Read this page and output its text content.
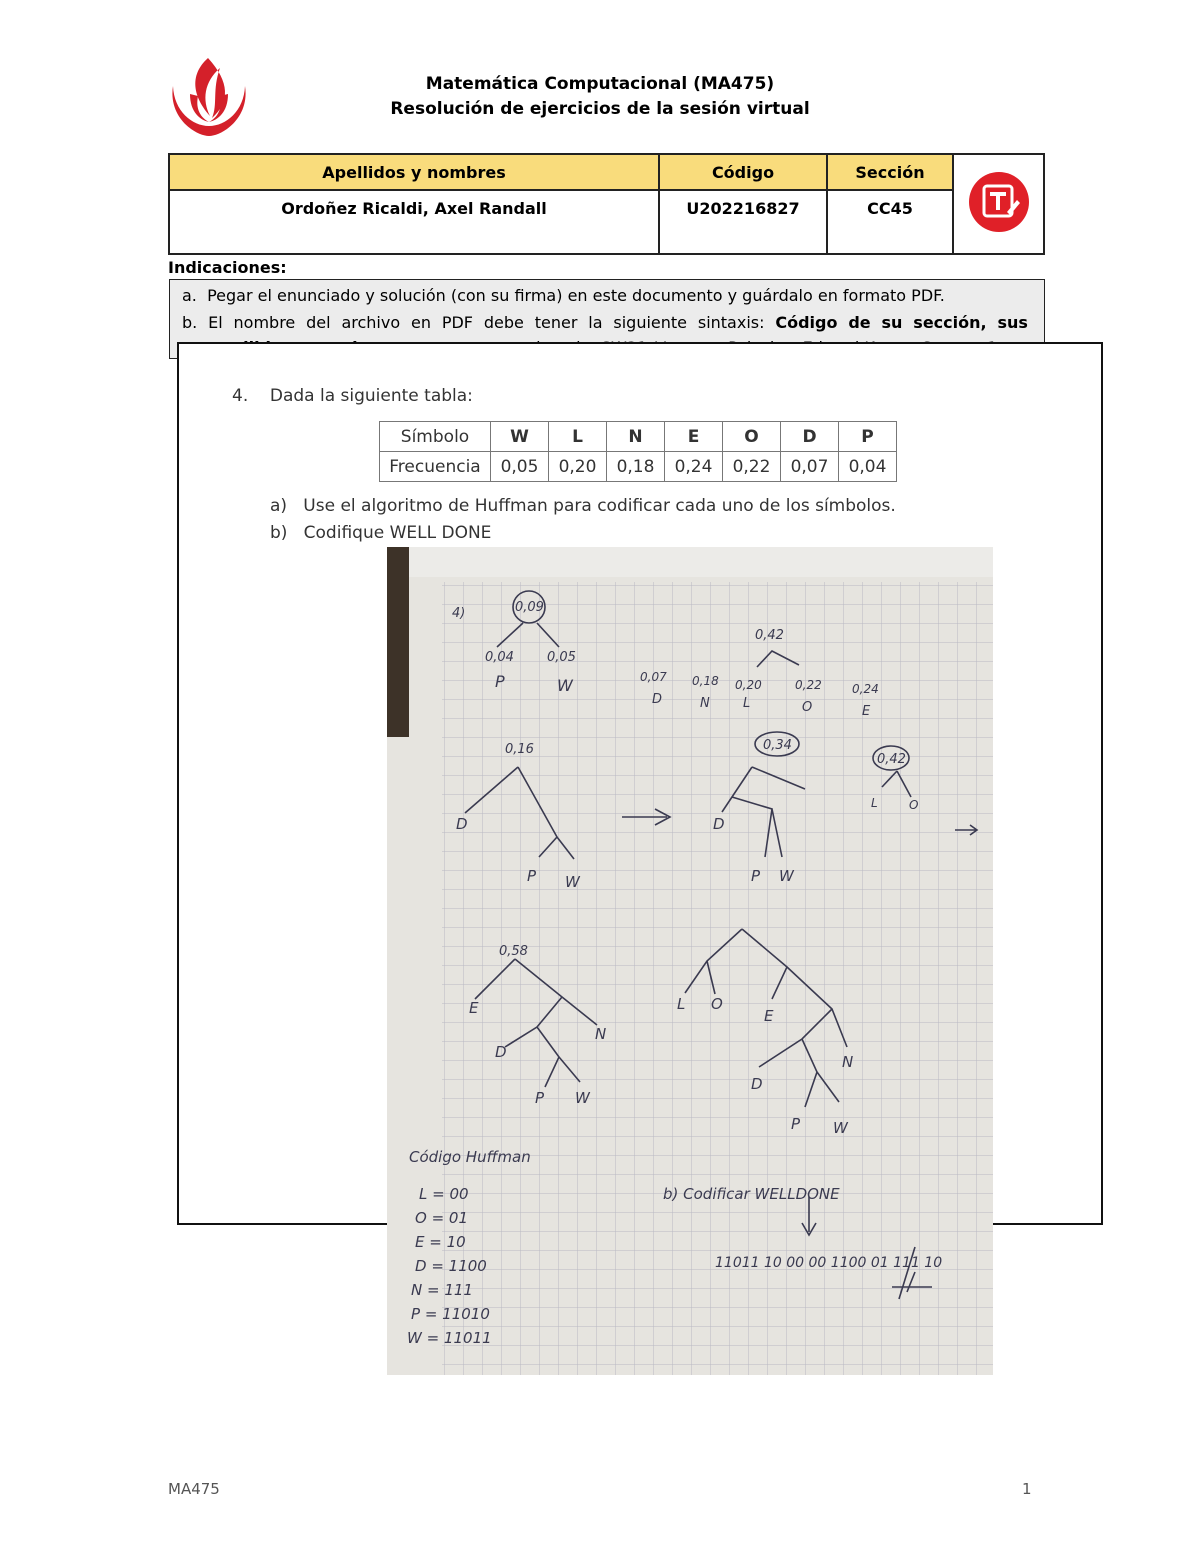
Matemática Computacional (MA475)
Resolución de ejercicios de la sesión virtual
Apellidos y nombres	Código	Sección	
Ordoñez Ricaldi, Axel Randall	U202216827	CC45	
Indicaciones:
a. Pegar el enunciado y solución (con su firma) en este documento y guárdalo en formato PDF.
b. El nombre del archivo en PDF debe tener la siguiente sintaxis: Código de su sección, sus
4. Dada la siguiente tabla:
Símbolo	W	L	N	E	O	D	P
Frecuencia	0,05	0,20	0,18	0,24	0,22	0,07	0,04
a) Use el algoritmo de Huffman para codificar cada uno de los símbolos.
b) Codifique WELL DONE
4)	0,09
0,04	0,05
P	W
0,42
0,07 0,18 0,20	0,22	0,24
D	N	L	O	E
0,16
D
P W
0,34
D
P W
0,42
L	O
0,58
E
N
D
P W
L O
E
N
D
P W
Código Huffman
L = 00
O = 01
E = 10
D = 1100
N = 111
P = 11010
W = 11011
b) Codificar WELLDONE
11011 10 00 00 1100 01 111 10
MA475	1
